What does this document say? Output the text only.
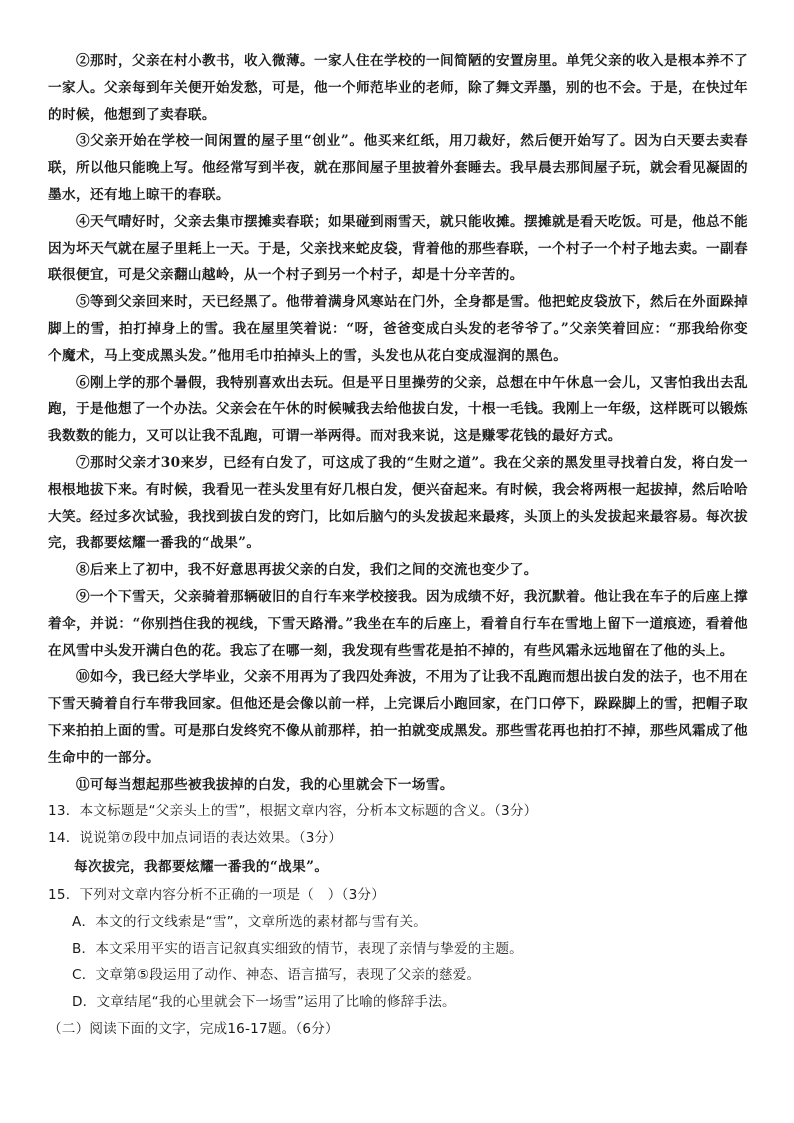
②那时，父亲在村小教书，收入微薄。一家人住在学校的一间简陋的安置房里。单凭父亲的收入是根本养不了一家人。父亲每到年关便开始发愁，可是，他一个师范毕业的老师，除了舞文弄墨，别的也不会。于是，在快过年的时候，他想到了卖春联。

③父亲开始在学校一间闲置的屋子里“创业”。他买来红纸，用刀裁好，然后便开始写了。因为白天要去卖春联，所以他只能晚上写。他经常写到半夜，就在那间屋子里披着外套睡去。我早晨去那间屋子玩，就会看见凝固的墨水，还有地上晾干的春联。

④天气晴好时，父亲去集市摆摊卖春联；如果碰到雨雪天，就只能收摊。摆摊就是看天吃饭。可是，他总不能因为坏天气就在屋子里耗上一天。于是，父亲找来蛇皮袋，背着他的那些春联，一个村子一个村子地去卖。一副春联很便宜，可是父亲翻山越岭，从一个村子到另一个村子，却是十分辛苦的。

⑤等到父亲回来时，天已经黑了。他带着满身风寒站在门外，全身都是雪。他把蛇皮袋放下，然后在外面跺掉脚上的雪，拍打掉身上的雪。我在屋里笑着说：“呀，爸爸变成白头发的老爷爷了。”父亲笑着回应：“那我给你变个魔术，马上变成黑头发。”他用毛巾拍掉头上的雪，头发也从花白变成湿润的黑色。

⑥刚上学的那个暑假，我特别喜欢出去玩。但是平日里操劳的父亲，总想在中午休息一会儿，又害怕我出去乱跑，于是他想了一个办法。父亲会在午休的时候喊我去给他拔白发，十根一毛钱。我刚上一年级，这样既可以锻炼我数数的能力，又可以让我不乱跑，可谓一举两得。而对我来说，这是赚零花钱的最好方式。

⑦那时父亲才30来岁，已经有白发了，可这成了我的“生财之道”。我在父亲的黑发里寻找着白发，将白发一根根地拔下来。有时候，我看见一茬头发里有好几根白发，便兴奋起来。有时候，我会将两根一起拔掉，然后哈哈大笑。经过多次试验，我找到拔白发的窍门，比如后脑勺的头发拔起来最疼，头顶上的头发拔起来最容易。每次拔完，我都要炫耀一番我的“战果”。

⑧后来上了初中，我不好意思再拔父亲的白发，我们之间的交流也变少了。

⑨一个下雪天，父亲骑着那辆破旧的自行车来学校接我。因为成绩不好，我沉默着。他让我在车子的后座上撑着伞，并说：“你别挡住我的视线，下雪天路滑。”我坐在车的后座上，看着自行车在雪地上留下一道痕迹，看着他在风雪中头发开满白色的花。我忘了在哪一刻，我发现有些雪花是拍不掉的，有些风霜永远地留在了他的头上。

⑩如今，我已经大学毕业，父亲不用再为了我四处奔波，不用为了让我不乱跑而想出拔白发的法子，也不用在下雪天骑着自行车带我回家。但他还是会像以前一样，上完课后小跑回家，在门口停下，跺跺脚上的雪，把帽子取下来拍拍上面的雪。可是那白发终究不像从前那样，拍一拍就变成黑发。那些雪花再也拍打不掉，那些风霜成了他生命中的一部分。

⑪可每当想起那些被我拔掉的白发，我的心里就会下一场雪。

13．本文标题是“父亲头上的雪”，根据文章内容，分析本文标题的含义。（3分）

14．说说第⑦段中加点词语的表达效果。（3分）

每次拔完，我都要炫耀一番我的“战果”。

15．下列对文章内容分析不正确的一项是（　）（3分）

A．本文的行文线索是“雪”，文章所选的素材都与雪有关。

B．本文采用平实的语言记叙真实细致的情节，表现了亲情与挚爱的主题。

C．文章第⑤段运用了动作、神态、语言描写，表现了父亲的慈爱。

D．文章结尾“我的心里就会下一场雪”运用了比喻的修辞手法。

（二）阅读下面的文字，完成16-17题。（6分）
